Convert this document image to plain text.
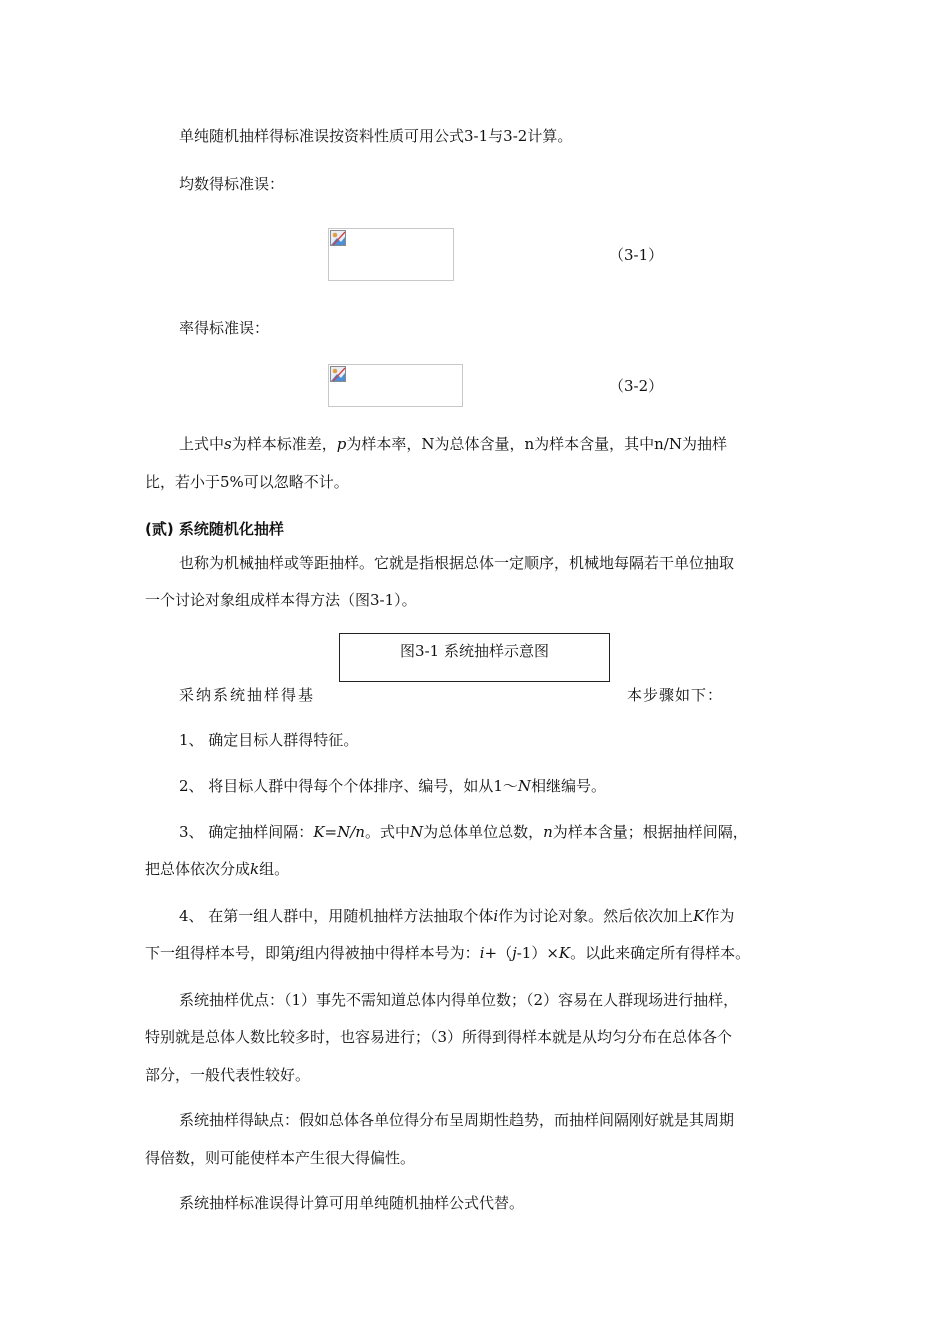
单纯随机抽样得标准误按资料性质可用公式3-1与3-2计算。
均数得标准误：
（3-1）
率得标准误：
（3-2）
上式中s为样本标准差，p为样本率，N为总体含量，n为样本含量，其中n/N为抽样
比，若小于5%可以忽略不计。
(贰) 系统随机化抽样
也称为机械抽样或等距抽样。它就是指根据总体一定顺序，机械地每隔若干单位抽取
一个讨论对象组成样本得方法（图3-1）。
图3-1 系统抽样示意图
采纳系统抽样得基	本步骤如下：
1、 确定目标人群得特征。
2、 将目标人群中得每个个体排序、编号，如从1～N相继编号。
3、 确定抽样间隔：K=N/n。式中N为总体单位总数，n为样本含量；根据抽样间隔，
把总体依次分成k组。
4、 在第一组人群中，用随机抽样方法抽取个体i作为讨论对象。然后依次加上K作为
下一组得样本号，即第j组内得被抽中得样本号为：i+（j-1）×K。以此来确定所有得样本。
系统抽样优点：（1）事先不需知道总体内得单位数；（2）容易在人群现场进行抽样，
特别就是总体人数比较多时，也容易进行；（3）所得到得样本就是从均匀分布在总体各个
部分，一般代表性较好。
系统抽样得缺点：假如总体各单位得分布呈周期性趋势，而抽样间隔刚好就是其周期
得倍数，则可能使样本产生很大得偏性。
系统抽样标准误得计算可用单纯随机抽样公式代替。
